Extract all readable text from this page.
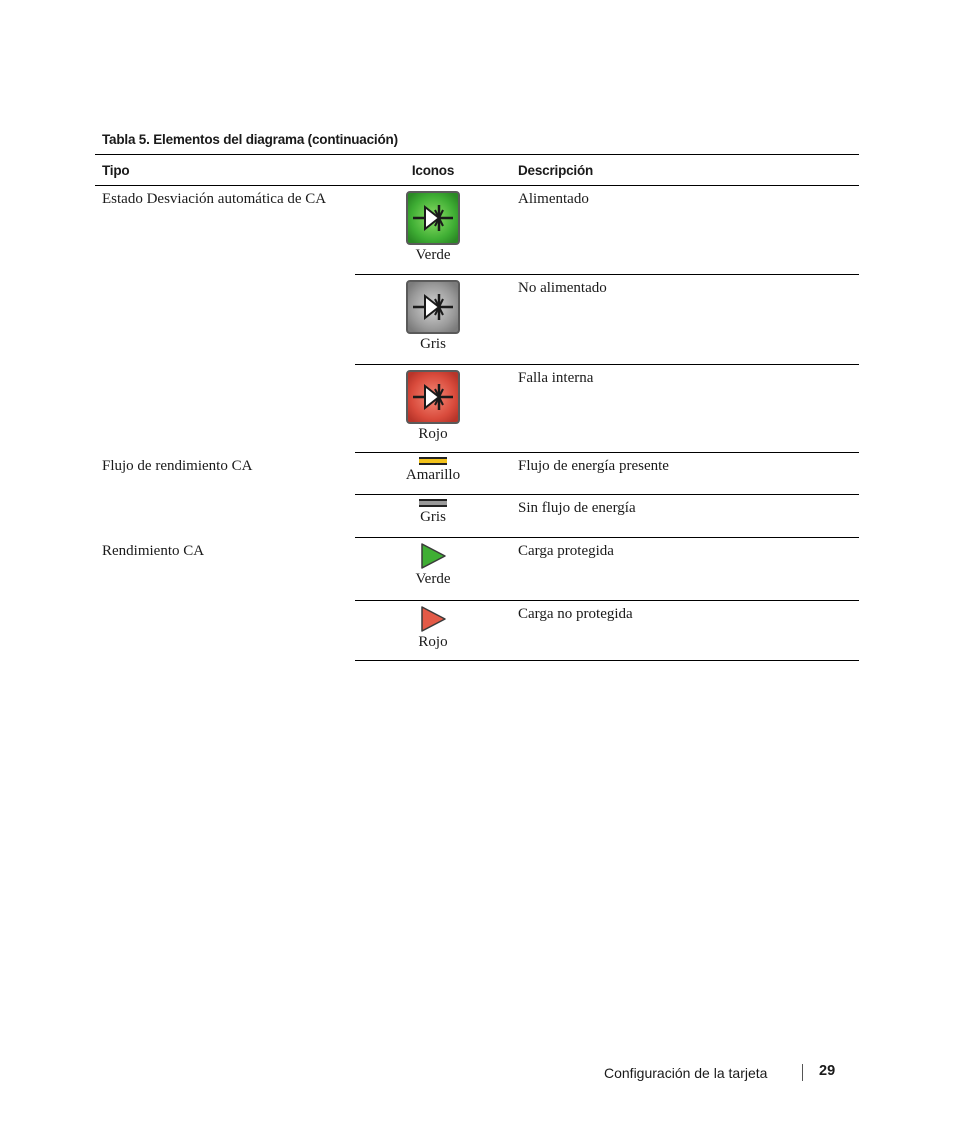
Tabla 5. Elementos del diagrama (continuación)
Tipo	Iconos	Descripción
Estado Desviación automática de CA	Verde	Alimentado

	Gris	No alimentado

	Rojo	Falla interna
Flujo de rendimiento CA	Amarillo	Flujo de energía presente

	Gris	Sin flujo de energía
Rendimiento CA	Verde	Carga protegida

	Rojo	Carga no protegida
Configuración de la tarjeta	29
